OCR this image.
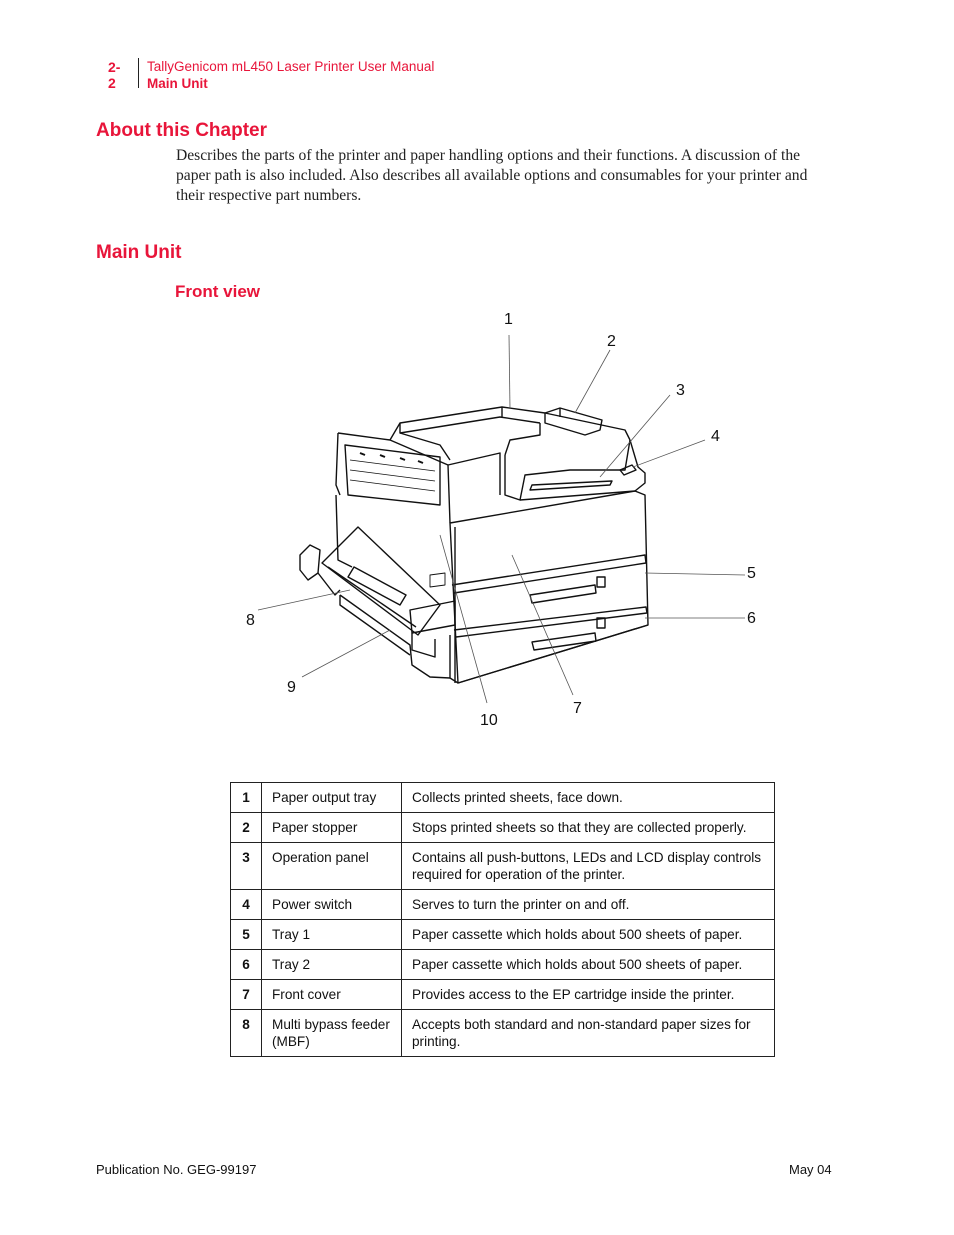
2-2
TallyGenicom mL450 Laser Printer User Manual
Main Unit
About this Chapter
Describes the parts of the printer and paper handling options and their functions. A discussion of the paper path is also included. Also describes all available options and consumables for your printer and their respective part numbers.
Main Unit
Front view
1
2
3
4
5
6
7
8
9
10
1	Paper output tray	Collects printed sheets, face down.
2	Paper stopper	Stops printed sheets so that they are collected properly.
3	Operation panel	Contains all push-buttons, LEDs and LCD display controls required for operation of the printer.
4	Power switch	Serves to turn the printer on and off.
5	Tray 1	Paper cassette which holds about 500 sheets of paper.
6	Tray 2	Paper cassette which holds about 500 sheets of paper.
7	Front cover	Provides access to the EP cartridge inside the printer.
8	Multi bypass feeder (MBF)	Accepts both standard and non-standard paper sizes for printing.
Publication No. GEG-99197	May 04
